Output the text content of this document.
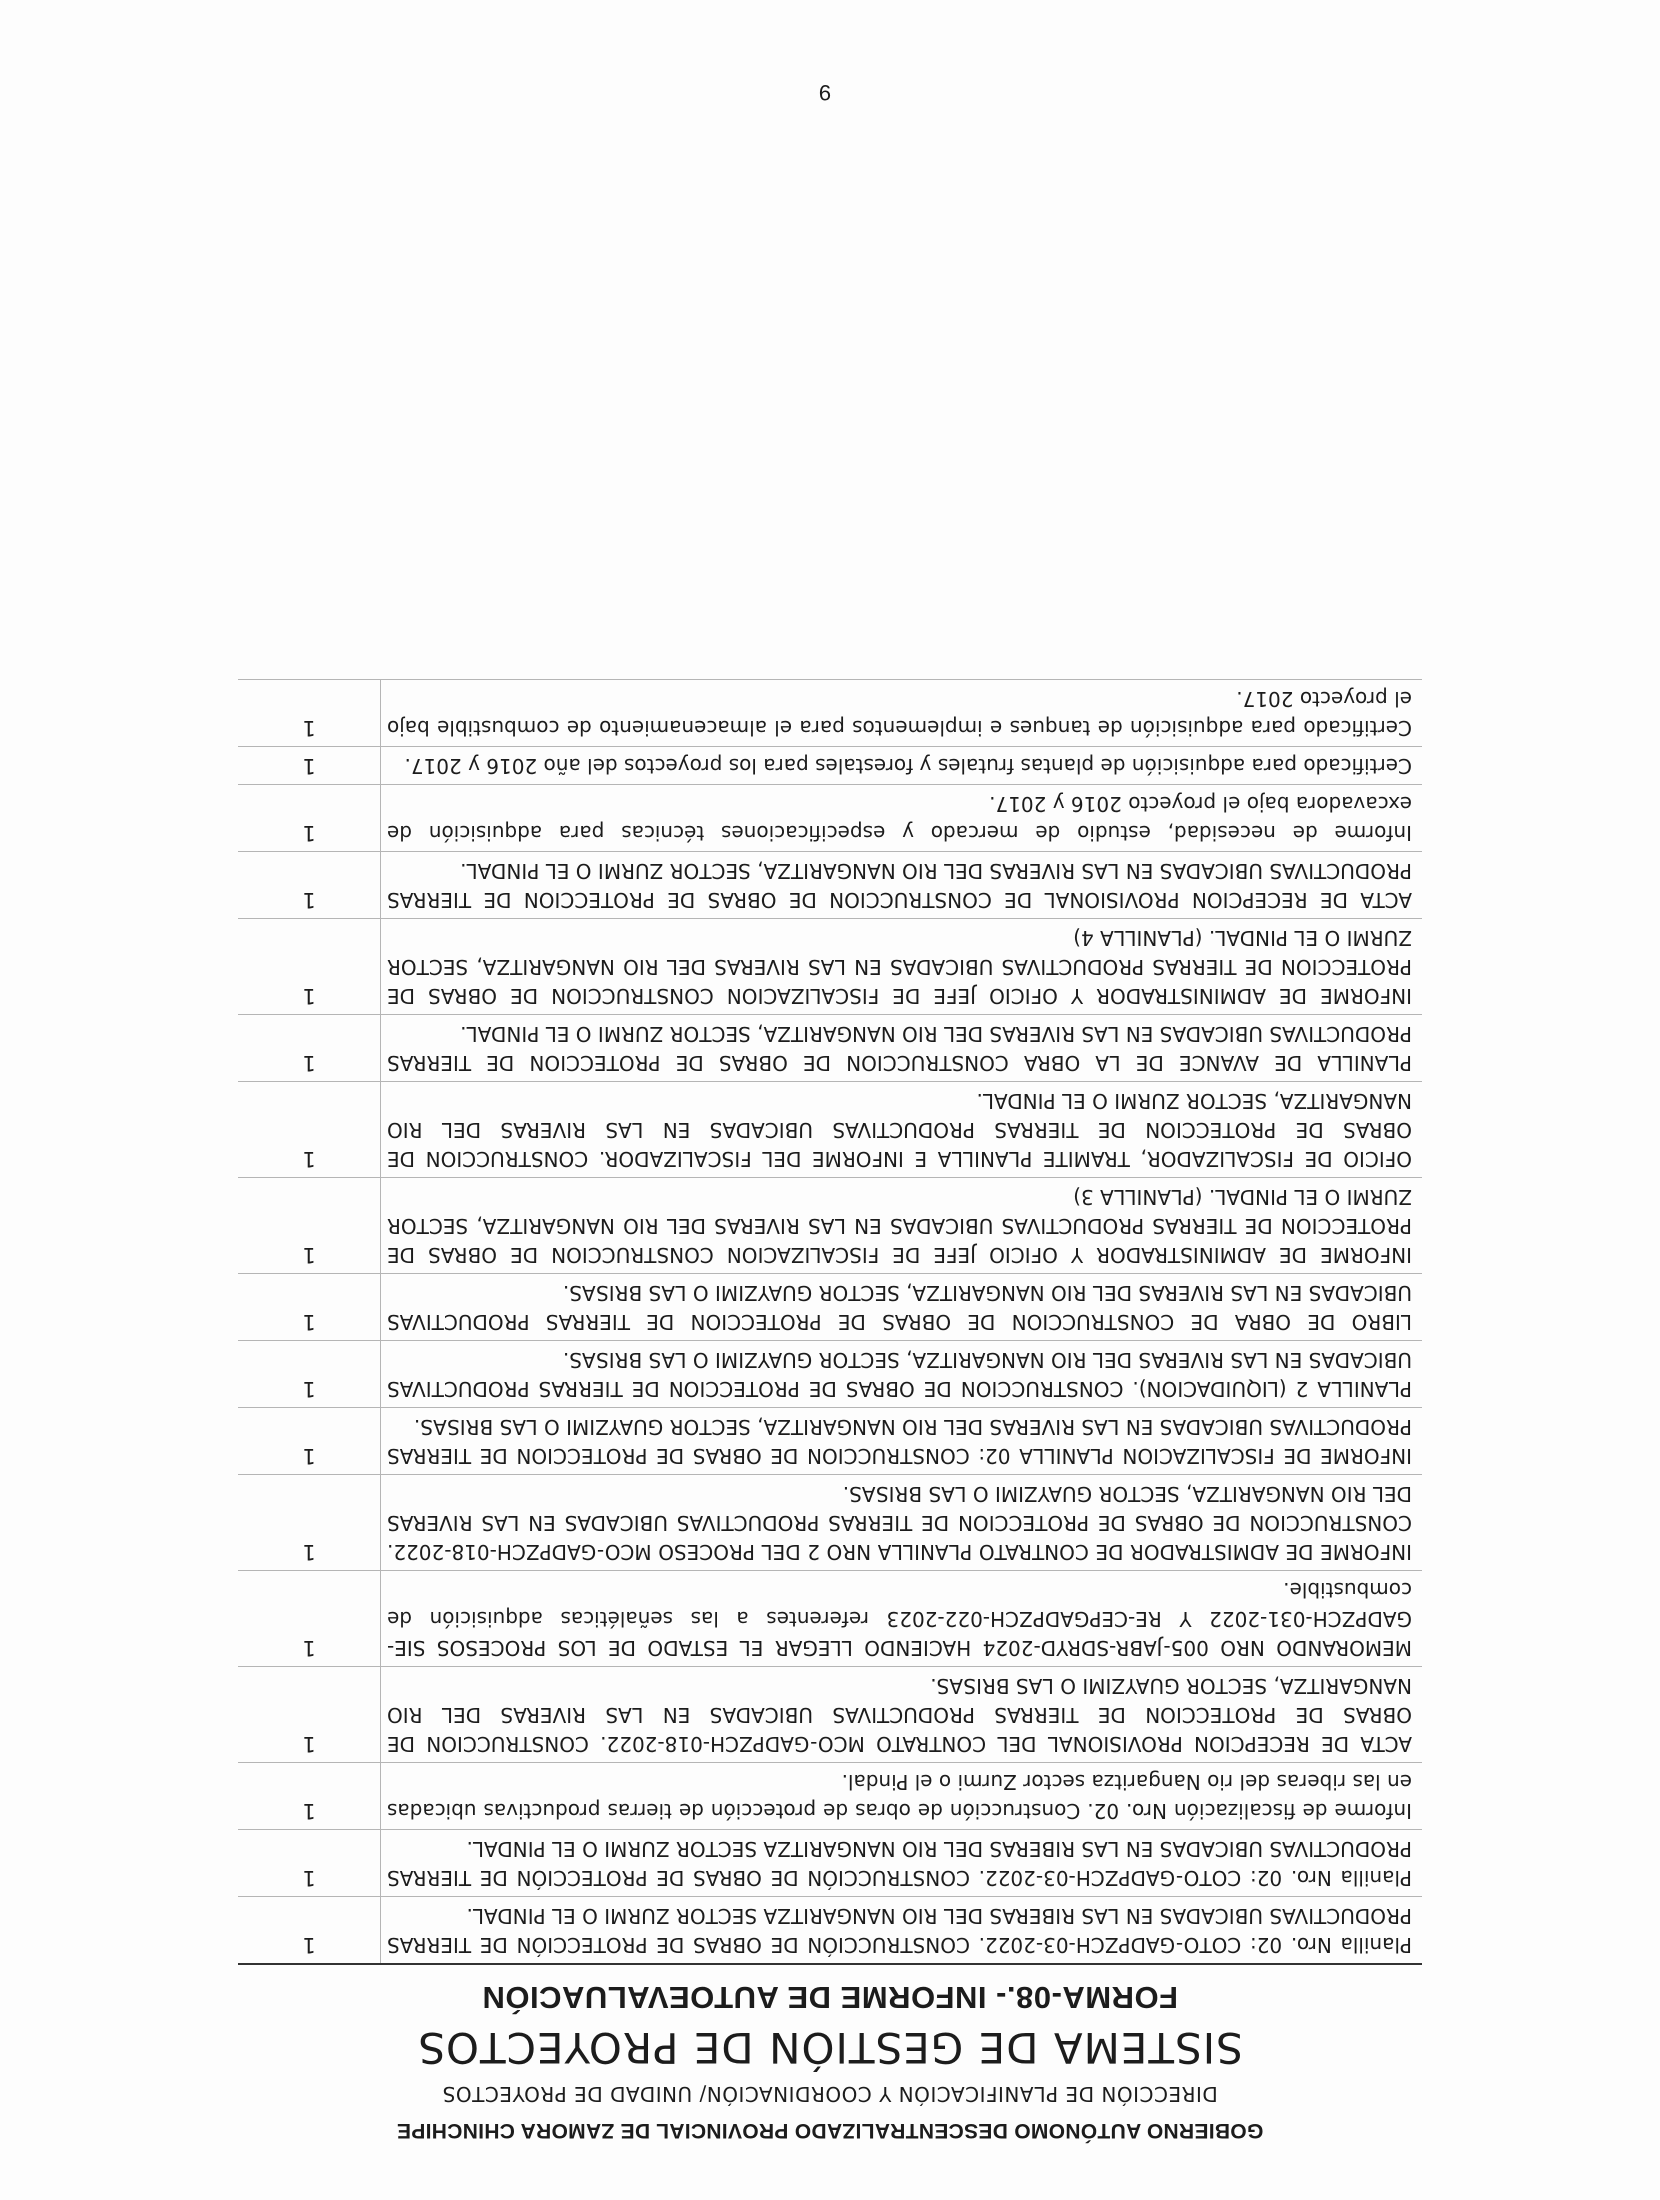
GOBIERNO AUTÓNOMO DESCENTRALIZADO PROVINCIAL DE ZAMORA CHINCHIPE
DIRECCIÓN DE PLANIFICACIÓN Y COORDINACIÓN/ UNIDAD DE PROYECTOS
SISTEMA DE GESTIÓN DE PROYECTOS
FORMA-08.- INFORME DE AUTOEVALUACIÓN
Planilla Nro. 02: COTO-GADPZCH-03-2022. CONSTRUCCIÓN DE OBRAS DE PROTECCIÓN DE TIERRAS PRODUCTIVAS UBICADAS EN LAS RIBERAS DEL RIO NANGARITZA SECTOR ZURMI O EL PINDAL.
1
Planilla Nro. 02: COTO-GADPZCH-03-2022. CONSTRUCCIÓN DE OBRAS DE PROTECCIÓN DE TIERRAS PRODUCTIVAS UBICADAS EN LAS RIBERAS DEL RIO NANGARITZA SECTOR ZURMI O EL PINDAL.
1
Informe de fiscalización Nro. 02. Construcción de obras de protección de tierras productivas ubicadas en las riberas del rio Nangaritza sector Zurmi o el Pindal.
1
ACTA DE RECEPCION PROVISIONAL DEL CONTRATO MCO-GADPZCH-018-2022. CONSTRUCCION DE OBRAS DE PROTECCION DE TIERRAS PRODUCTIVAS UBICADAS EN LAS RIVERAS DEL RIO NANGARITZA, SECTOR GUAYZIMI O LAS BRISAS.
1
MEMORANDO NRO 005-JABR-SDRYD-2024 HACIENDO LLEGAR EL ESTADO DE LOS PROCESOS SIE-GADPZCH-031-2022 Y RE-CEPGADPZCH-022-2023 referentes a las señaléticas adquisición de combustible.
1
INFORME DE ADMISTRADOR DE CONTRATO PLANILLA NRO 2 DEL PROCESO MCO-GADPZCH-018-2022. CONSTRUCCION DE OBRAS DE PROTECCION DE TIERRAS PRODUCTIVAS UBICADAS EN LAS RIVERAS DEL RIO NANGARITZA, SECTOR GUAYZIMI O LAS BRISAS.
1
INFORME DE FISCALIZACION PLANILLA 02: CONSTRUCCION DE OBRAS DE PROTECCION DE TIERRAS PRODUCTIVAS UBICADAS EN LAS RIVERAS DEL RIO NANGARITZA, SECTOR GUAYZIMI O LAS BRISAS.
1
PLANILLA 2 (LIQUIDACION). CONSTRUCCION DE OBRAS DE PROTECCION DE TIERRAS PRODUCTIVAS UBICADAS EN LAS RIVERAS DEL RIO NANGARITZA, SECTOR GUAYZIMI O LAS BRISAS.
1
LIBRO DE OBRA DE CONSTRUCCION DE OBRAS DE PROTECCION DE TIERRAS PRODUCTIVAS UBICADAS EN LAS RIVERAS DEL RIO NANGARITZA, SECTOR GUAYZIMI O LAS BRISAS.
1
INFORME DE ADMINISTRADOR Y OFICIO JEFE DE FISCALIZACION CONSTRUCCION DE OBRAS DE PROTECCION DE TIERRAS PRODUCTIVAS UBICADAS EN LAS RIVERAS DEL RIO NANGARITZA, SECTOR ZURMI O EL PINDAL. (PLANILLA 3)
1
OFICIO DE FISCALIZADOR, TRAMITE PLANILLA E INFORME DEL FISCALIZADOR. CONSTRUCCION DE OBRAS DE PROTECCION DE TIERRAS PRODUCTIVAS UBICADAS EN LAS RIVERAS DEL RIO NANGARITZA, SECTOR ZURMI O EL PINDAL.
1
PLANILLA DE AVANCE DE LA OBRA CONSTRUCCION DE OBRAS DE PROTECCION DE TIERRAS PRODUCTIVAS UBICADAS EN LAS RIVERAS DEL RIO NANGARITZA, SECTOR ZURMI O EL PINDAL.
1
INFORME DE ADMINISTRADOR Y OFICIO JEFE DE FISCALIZACION CONSTRUCCION DE OBRAS DE PROTECCION DE TIERRAS PRODUCTIVAS UBICADAS EN LAS RIVERAS DEL RIO NANGARITZA, SECTOR ZURMI O EL PINDAL. (PLANILLA 4)
1
ACTA DE RECEPCION PROVISIONAL DE CONSTRUCCION DE OBRAS DE PROTECCION DE TIERRAS PRODUCTIVAS UBICADAS EN LAS RIVERAS DEL RIO NANGARITZA, SECTOR ZURMI O EL PINDAL.
1
Informe de necesidad, estudio de mercado y especificaciones técnicas para adquisición de excavadora bajo el proyecto 2016 y 2017.
1
Certificado para adquisición de plantas frutales y forestales para los proyectos del año 2016 y 2017.
1
Certificado para adquisición de tanques e implementos para el almacenamiento de combustible bajo el proyecto 2017.
1
9
